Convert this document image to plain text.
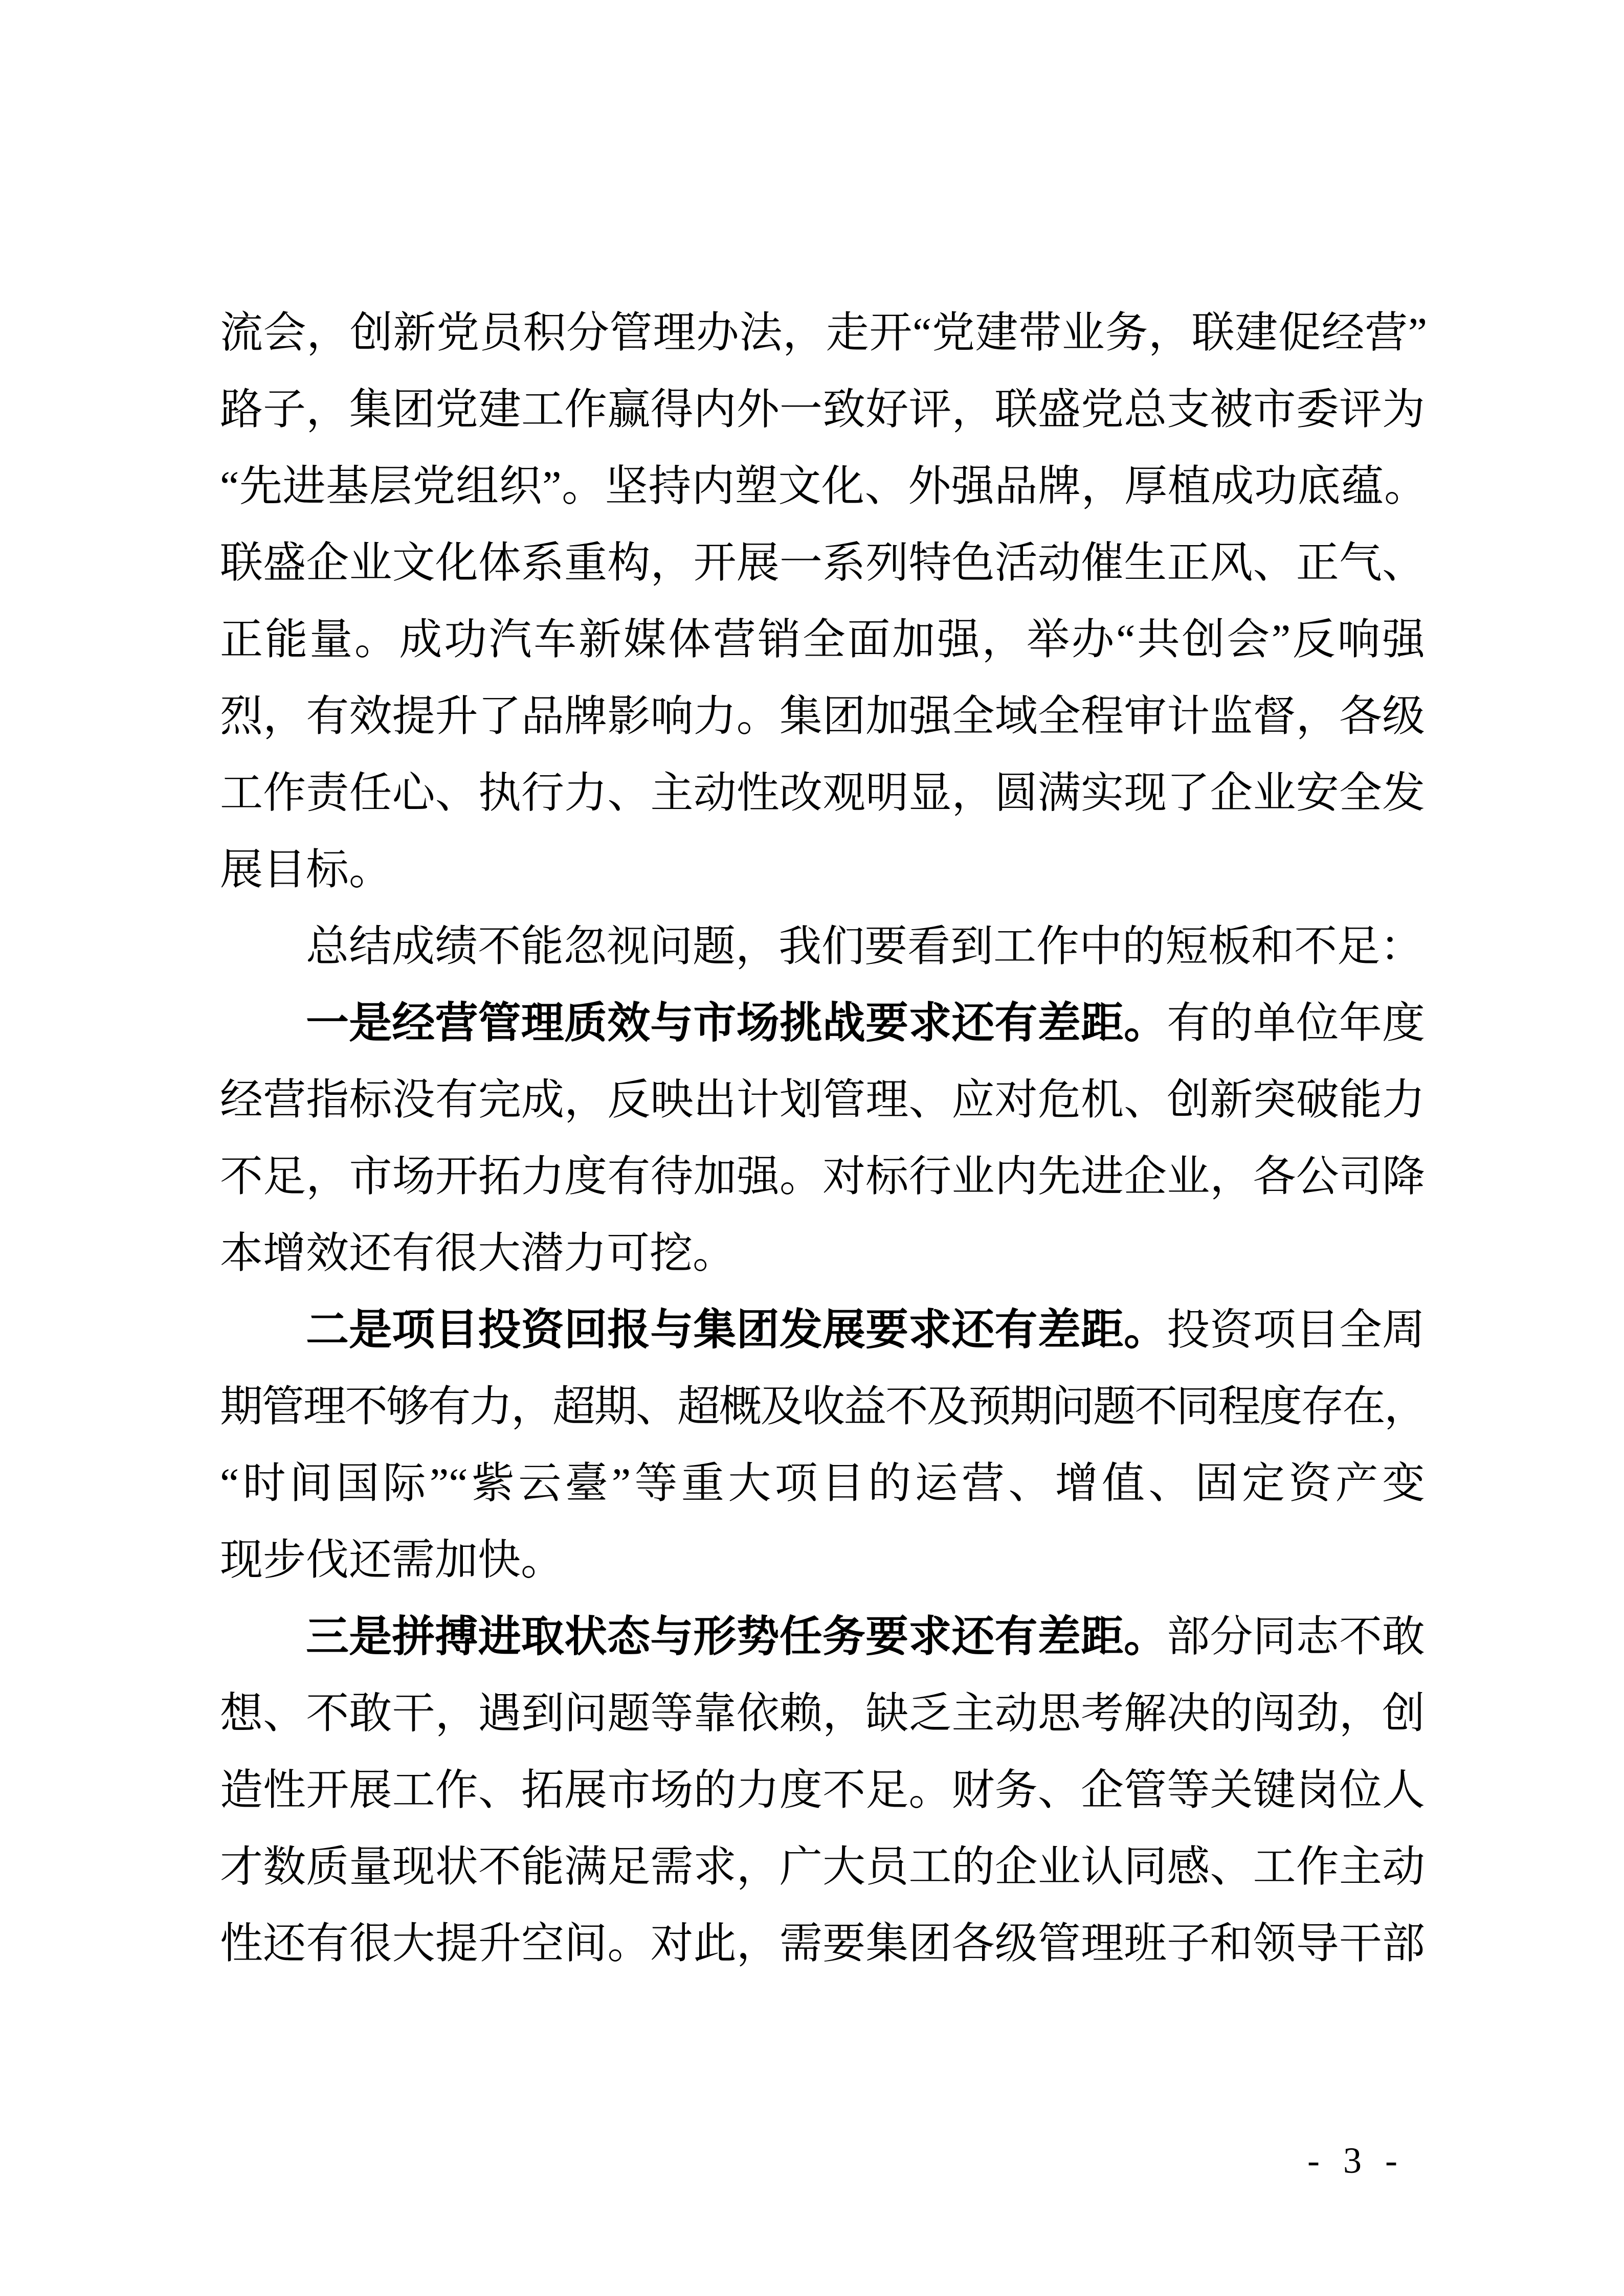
流会，创新党员积分管理办法，走开“党建带业务，联建促经营”
路子，集团党建工作赢得内外一致好评，联盛党总支被市委评为
“先进基层党组织”。坚持内塑文化、外强品牌，厚植成功底蕴。
联盛企业文化体系重构，开展一系列特色活动催生正风、正气、
正能量。成功汽车新媒体营销全面加强，举办“共创会”反响强
烈，有效提升了品牌影响力。集团加强全域全程审计监督，各级
工作责任心、执行力、主动性改观明显，圆满实现了企业安全发
展目标。
总结成绩不能忽视问题，我们要看到工作中的短板和不足：
一是经营管理质效与市场挑战要求还有差距。有的单位年度
经营指标没有完成，反映出计划管理、应对危机、创新突破能力
不足，市场开拓力度有待加强。对标行业内先进企业，各公司降
本增效还有很大潜力可挖。
二是项目投资回报与集团发展要求还有差距。投资项目全周
期管理不够有力，超期、超概及收益不及预期问题不同程度存在，
“时间国际”“紫云臺”等重大项目的运营、增值、固定资产变
现步伐还需加快。
三是拼搏进取状态与形势任务要求还有差距。部分同志不敢
想、不敢干，遇到问题等靠依赖，缺乏主动思考解决的闯劲，创
造性开展工作、拓展市场的力度不足。财务、企管等关键岗位人
才数质量现状不能满足需求，广大员工的企业认同感、工作主动
性还有很大提升空间。对此，需要集团各级管理班子和领导干部
- 3 -
